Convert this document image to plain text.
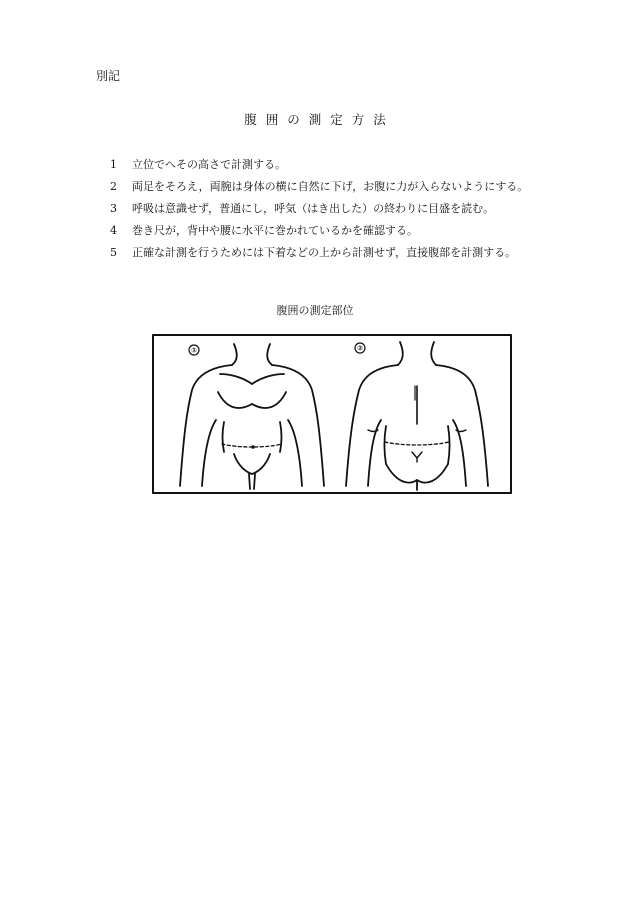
別記
腹囲の測定方法
1	立位でへその高さで計測する。
2	両足をそろえ，両腕は身体の横に自然に下げ，お腹に力が入らないようにする。
3	呼吸は意識せず，普通にし，呼気（はき出した）の終わりに目盛を読む。
4	巻き尺が，背中や腰に水平に巻かれているかを確認する。
5	正確な計測を行うためには下着などの上から計測せず，直接腹部を計測する。
腹囲の測定部位
①	②
